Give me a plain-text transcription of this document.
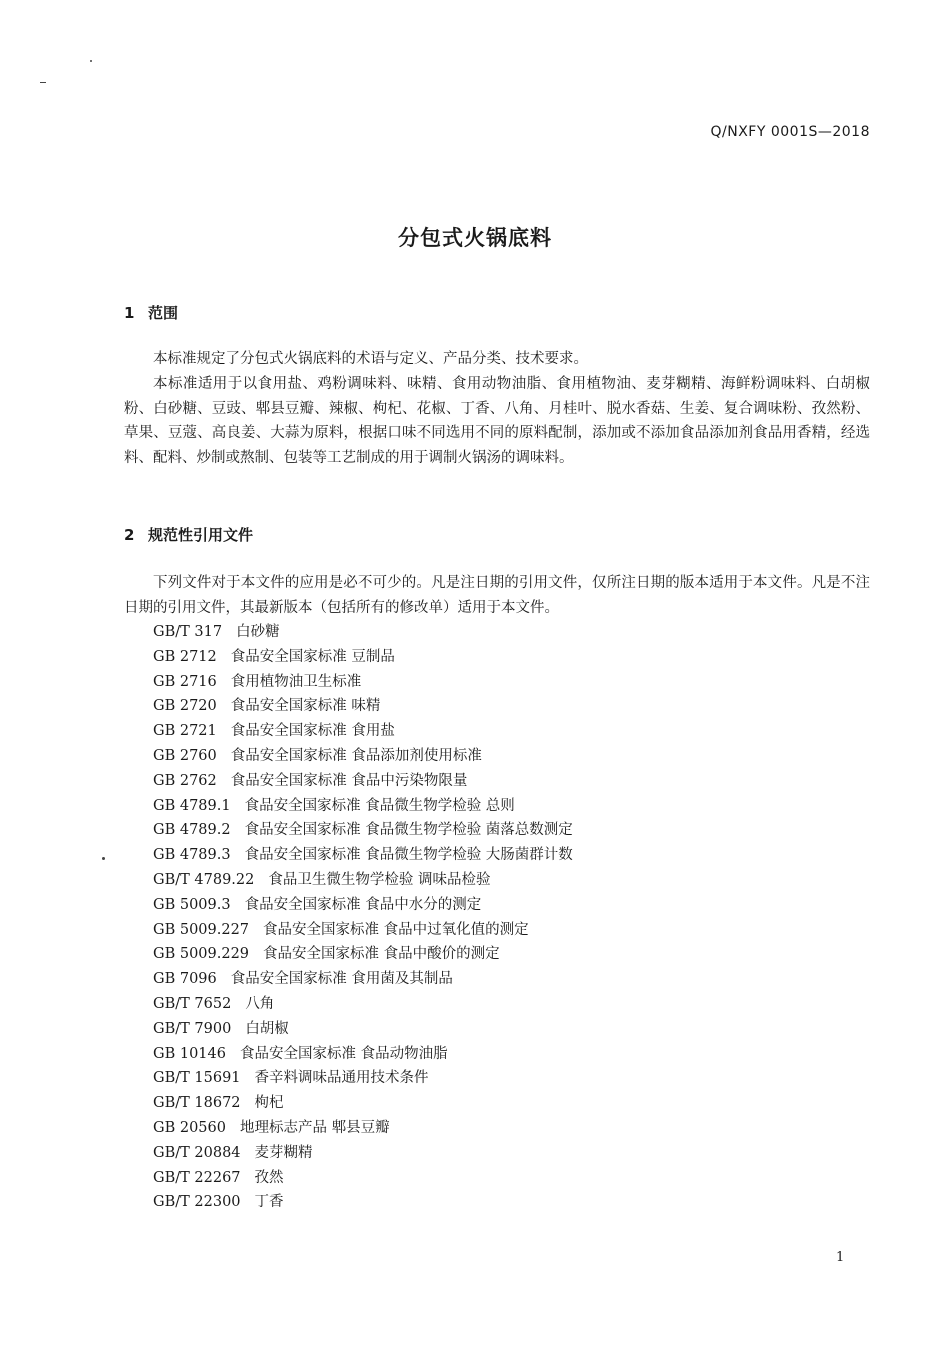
Q/NXFY 0001S—2018
分包式火锅底料
1 范围
本标准规定了分包式火锅底料的术语与定义、产品分类、技术要求。
本标准适用于以食用盐、鸡粉调味料、味精、食用动物油脂、食用植物油、麦芽糊精、海鲜粉调味料、白胡椒粉、白砂糖、豆豉、郫县豆瓣、辣椒、枸杞、花椒、丁香、八角、月桂叶、脱水香菇、生姜、复合调味粉、孜然粉、草果、豆蔻、高良姜、大蒜为原料，根据口味不同选用不同的原料配制，添加或不添加食品添加剂食品用香精，经选料、配料、炒制或熬制、包装等工艺制成的用于调制火锅汤的调味料。
2 规范性引用文件
下列文件对于本文件的应用是必不可少的。凡是注日期的引用文件，仅所注日期的版本适用于本文件。凡是不注日期的引用文件，其最新版本（包括所有的修改单）适用于本文件。
GB/T 317 白砂糖
GB 2712 食品安全国家标准 豆制品
GB 2716 食用植物油卫生标准
GB 2720 食品安全国家标准 味精
GB 2721 食品安全国家标准 食用盐
GB 2760 食品安全国家标准 食品添加剂使用标准
GB 2762 食品安全国家标准 食品中污染物限量
GB 4789.1 食品安全国家标准 食品微生物学检验 总则
GB 4789.2 食品安全国家标准 食品微生物学检验 菌落总数测定
GB 4789.3 食品安全国家标准 食品微生物学检验 大肠菌群计数
GB/T 4789.22 食品卫生微生物学检验 调味品检验
GB 5009.3 食品安全国家标准 食品中水分的测定
GB 5009.227 食品安全国家标准 食品中过氧化值的测定
GB 5009.229 食品安全国家标准 食品中酸价的测定
GB 7096 食品安全国家标准 食用菌及其制品
GB/T 7652 八角
GB/T 7900 白胡椒
GB 10146 食品安全国家标准 食品动物油脂
GB/T 15691 香辛料调味品通用技术条件
GB/T 18672 枸杞
GB 20560 地理标志产品 郫县豆瓣
GB/T 20884 麦芽糊精
GB/T 22267 孜然
GB/T 22300 丁香
1
